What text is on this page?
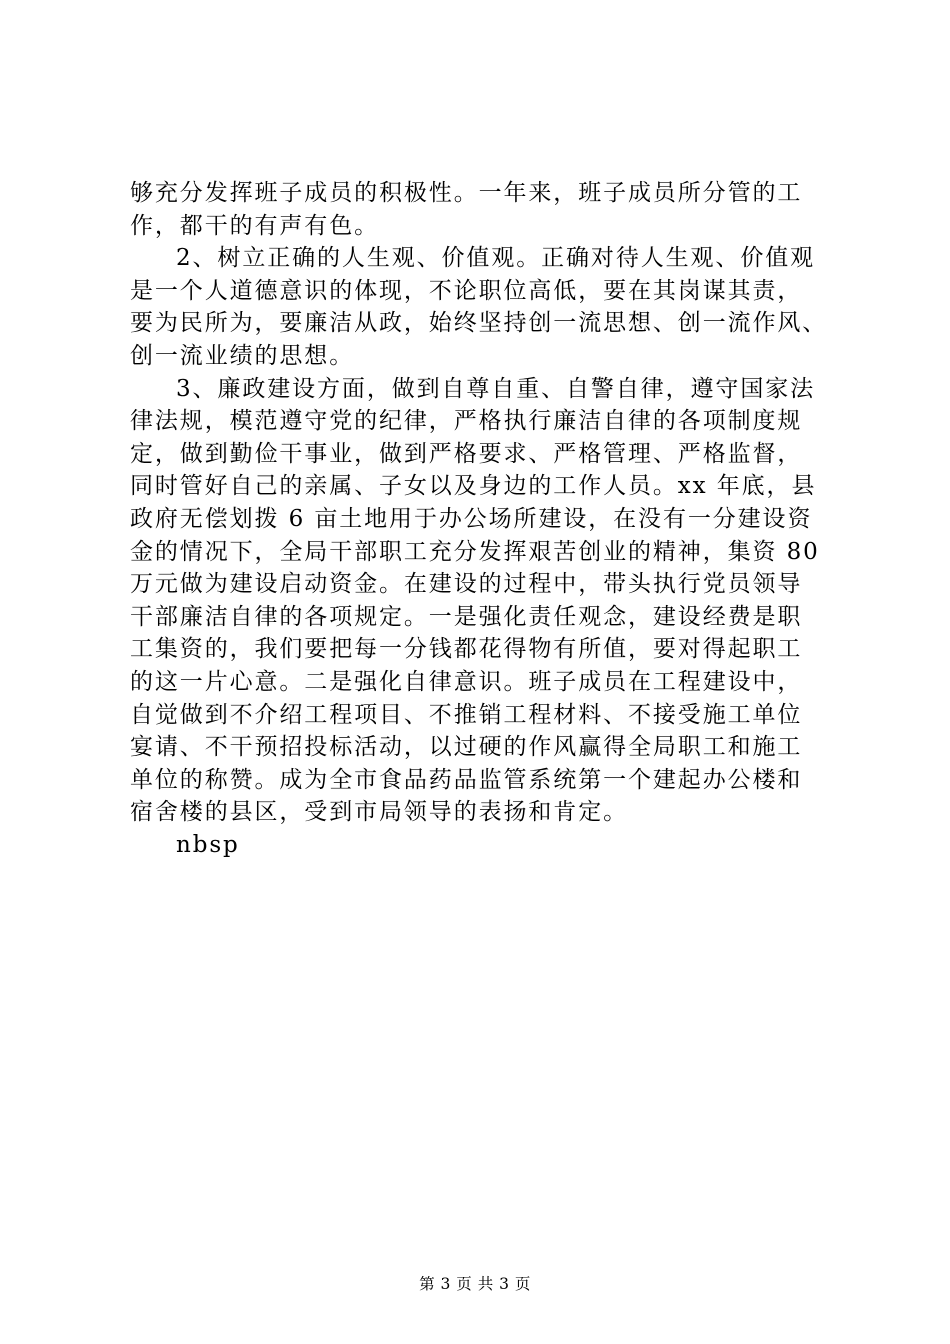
够充分发挥班子成员的积极性。一年来，班子成员所分管的工
作，都干的有声有色。
2、树立正确的人生观、价值观。正确对待人生观、价值观
是一个人道德意识的体现，不论职位高低，要在其岗谋其责，
要为民所为，要廉洁从政，始终坚持创一流思想、创一流作风、
创一流业绩的思想。
3、廉政建设方面，做到自尊自重、自警自律，遵守国家法
律法规，模范遵守党的纪律，严格执行廉洁自律的各项制度规
定，做到勤俭干事业，做到严格要求、严格管理、严格监督，
同时管好自己的亲属、子女以及身边的工作人员。xx 年底，县
政府无偿划拨 6 亩土地用于办公场所建设，在没有一分建设资
金的情况下，全局干部职工充分发挥艰苦创业的精神，集资 80
万元做为建设启动资金。在建设的过程中，带头执行党员领导
干部廉洁自律的各项规定。一是强化责任观念，建设经费是职
工集资的，我们要把每一分钱都花得物有所值，要对得起职工
的这一片心意。二是强化自律意识。班子成员在工程建设中，
自觉做到不介绍工程项目、不推销工程材料、不接受施工单位
宴请、不干预招投标活动，以过硬的作风赢得全局职工和施工
单位的称赞。成为全市食品药品监管系统第一个建起办公楼和
宿舍楼的县区，受到市局领导的表扬和肯定。
nbsp
第 3 页 共 3 页
